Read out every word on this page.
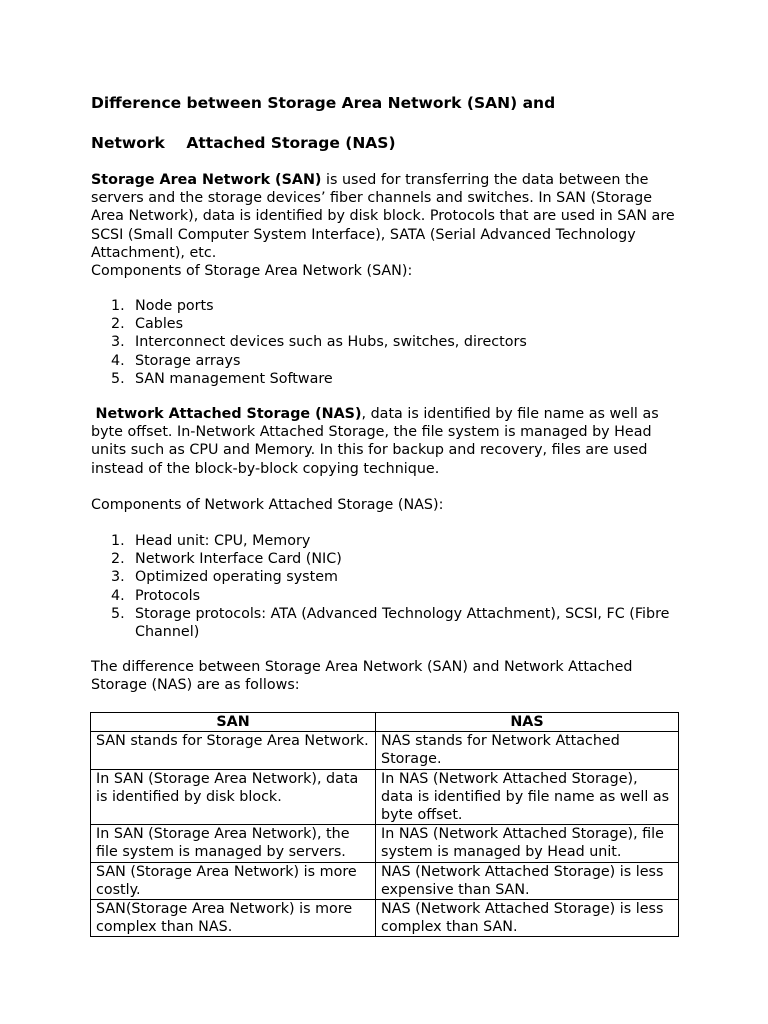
Difference between Storage Area Network (SAN) and
Network    Attached Storage (NAS)

Storage Area Network (SAN) is used for transferring the data between the servers and the storage devices’ fiber channels and switches. In SAN (Storage Area Network), data is identified by disk block. Protocols that are used in SAN are SCSI (Small Computer System Interface), SATA (Serial Advanced Technology Attachment), etc.

Components of Storage Area Network (SAN):

1. Node ports
2. Cables
3. Interconnect devices such as Hubs, switches, directors
4. Storage arrays
5. SAN management Software

Network Attached Storage (NAS), data is identified by file name as well as byte offset. In-Network Attached Storage, the file system is managed by Head units such as CPU and Memory. In this for backup and recovery, files are used instead of the block-by-block copying technique.

Components of Network Attached Storage (NAS):

1. Head unit: CPU, Memory
2. Network Interface Card (NIC)
3. Optimized operating system
4. Protocols
5. Storage protocols: ATA (Advanced Technology Attachment), SCSI, FC (Fibre Channel)

The difference between Storage Area Network (SAN) and Network Attached Storage (NAS) are as follows:

SAN	NAS
SAN stands for Storage Area Network.	NAS stands for Network Attached Storage.
In SAN (Storage Area Network), data is identified by disk block.	In NAS (Network Attached Storage), data is identified by file name as well as byte offset.
In SAN (Storage Area Network), the file system is managed by servers.	In NAS (Network Attached Storage), file system is managed by Head unit.
SAN (Storage Area Network) is more costly.	NAS (Network Attached Storage) is less expensive than SAN.
SAN(Storage Area Network) is more complex than NAS.	NAS (Network Attached Storage) is less complex than SAN.
